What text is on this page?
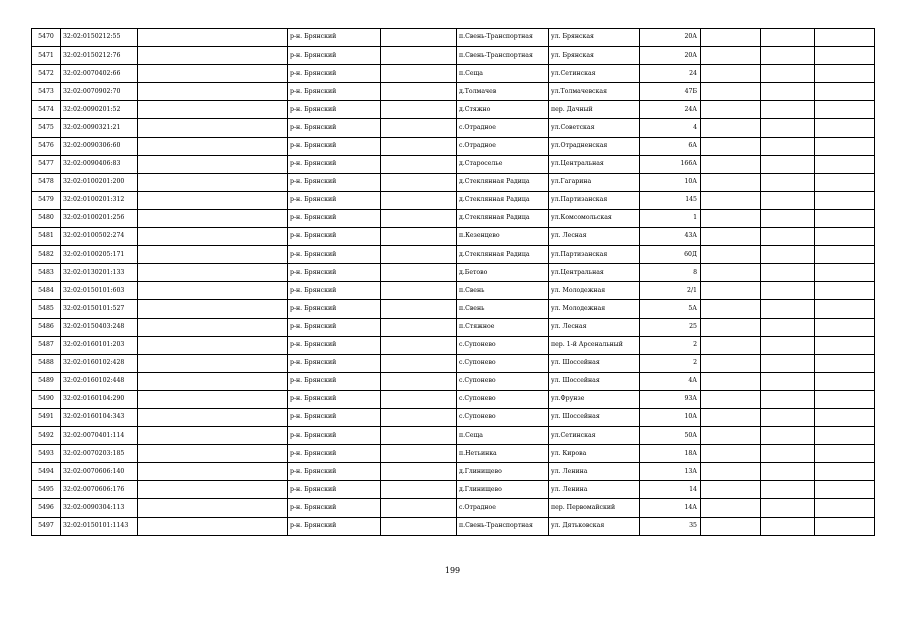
5470	32:02:0150212:55		р-н. Брянский		п.Свень-Транспортная	ул. Брянская	20А			
5471	32:02:0150212:76		р-н. Брянский		п.Свень-Транспортная	ул. Брянская	20А			
5472	32:02:0070402:66		р-н. Брянский		п.Сеща	ул.Сетинская	24			
5473	32:02:0070902:70		р-н. Брянский		д.Толмачев	ул.Толмачевская	47Б			
5474	32:02:0090201:52		р-н. Брянский		д.Стяжно	пер. Дачный	24А			
5475	32:02:0090321:21		р-н. Брянский		с.Отрадное	ул.Советская	4			
5476	32:02:0090306:60		р-н. Брянский		с.Отрадное	ул.Отрадненская	6А			
5477	32:02:0090406:83		р-н. Брянский		д.Староселье	ул.Центральная	166А			
5478	32:02:0100201:200		р-н. Брянский		д.Стеклянная Радица	ул.Гагарина	10А			
5479	32:02:0100201:312		р-н. Брянский		д.Стеклянная Радица	ул.Партизанская	145			
5480	32:02:0100201:256		р-н. Брянский		д.Стеклянная Радица	ул.Комсомольская	1			
5481	32:02:0100502:274		р-н. Брянский		п.Кезенцево	ул. Лесная	43А			
5482	32:02:0100205:171		р-н. Брянский		д.Стеклянная Радица	ул.Партизанская	60Д			
5483	32:02:0130201:133		р-н. Брянский		д.Бетово	ул.Центральная	8			
5484	32:02:0150101:603		р-н. Брянский		п.Свень	ул. Молодежная	2/1			
5485	32:02:0150101:527		р-н. Брянский		п.Свень	ул. Молодежная	5А			
5486	32:02:0150403:248		р-н. Брянский		п.Стяжное	ул. Лесная	25			
5487	32:02:0160101:203		р-н. Брянский		с.Супонево	пер. 1-й Арсенальный	2			
5488	32:02:0160102:428		р-н. Брянский		с.Супонево	ул. Шоссейная	2			
5489	32:02:0160102:448		р-н. Брянский		с.Супонево	ул. Шоссейная	4А			
5490	32:02:0160104:290		р-н. Брянский		с.Супонево	ул.Фрунзе	93А			
5491	32:02:0160104:343		р-н. Брянский		с.Супонево	ул. Шоссейная	10А			
5492	32:02:0070401:114		р-н. Брянский		п.Сеща	ул.Сетинская	50А			
5493	32:02:0070203:185		р-н. Брянский		п.Нетьинка	ул. Кирова	18А			
5494	32:02:0070606:140		р-н. Брянский		д.Глинищево	ул. Ленина	13А			
5495	32:02:0070606:176		р-н. Брянский		д.Глинищево	ул. Ленина	14			
5496	32:02:0090304:113		р-н. Брянский		с.Отрадное	пер. Первомайский	14А			
5497	32:02:0150101:1143		р-н. Брянский		п.Свень-Транспортная	ул. Дятьковская	35			
199
